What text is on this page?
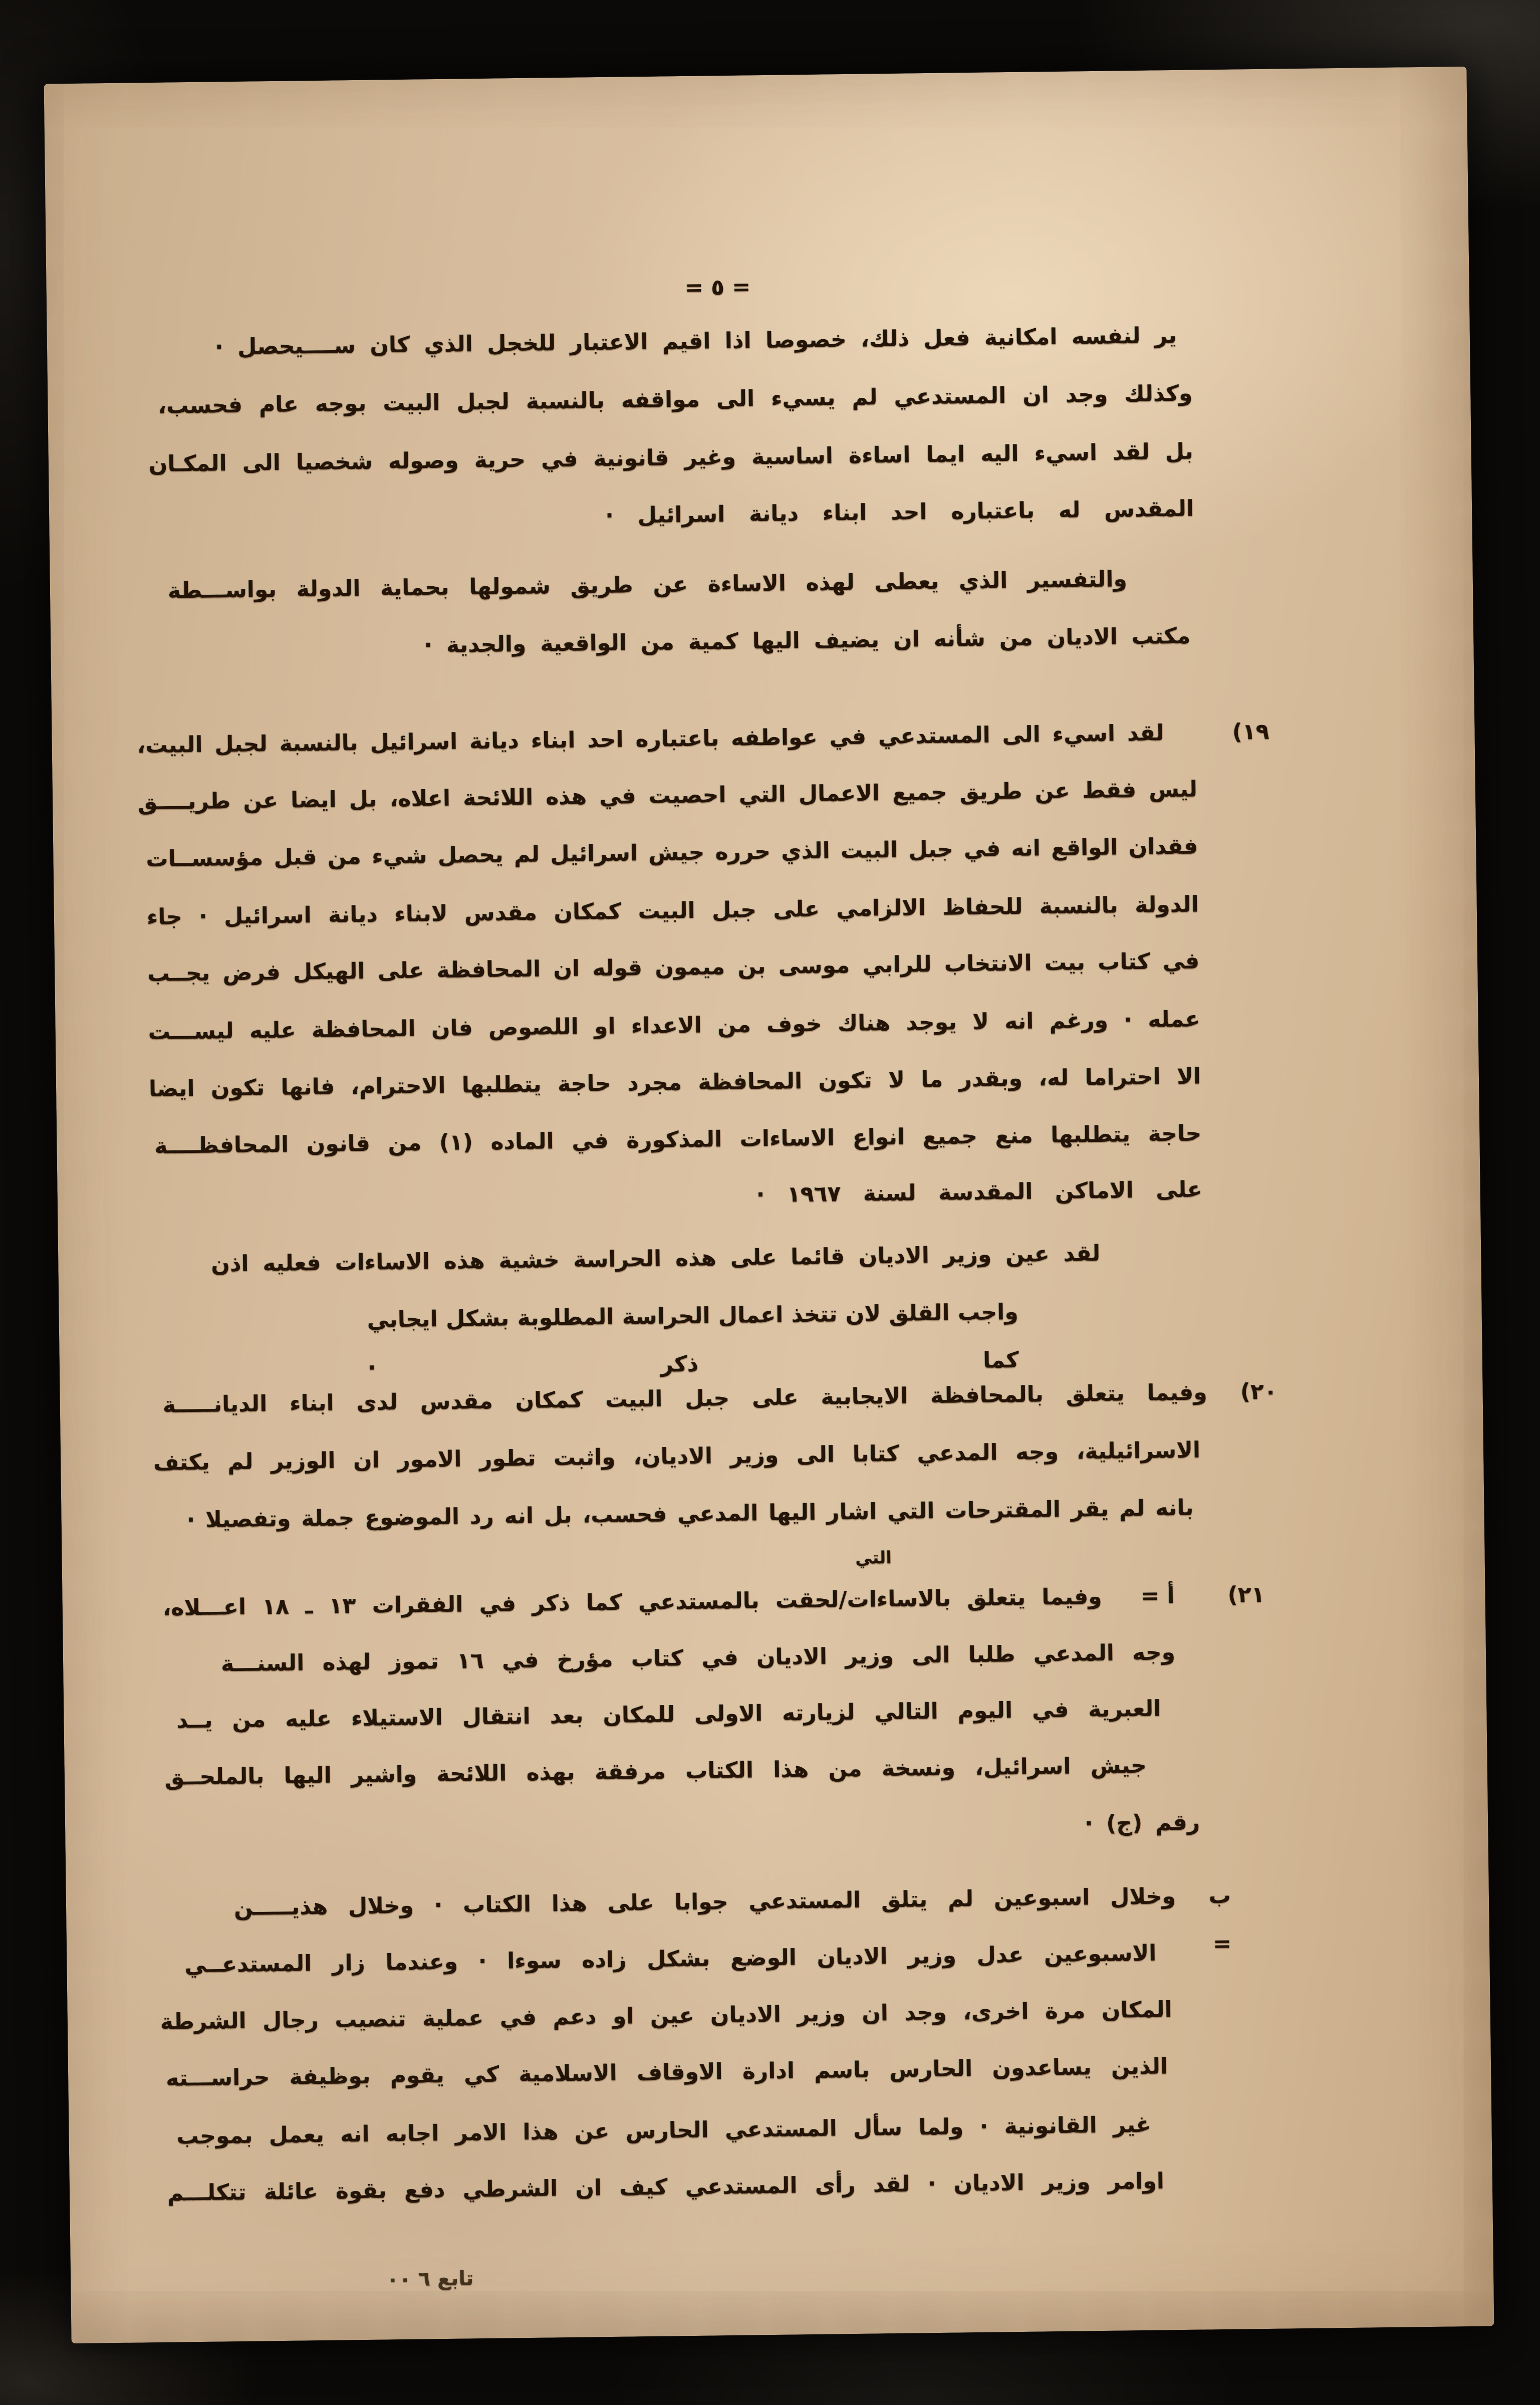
= ٥ =
ير لنفسه امكانية فعل ذلك، خصوصا اذا اقيم الاعتبار للخجل الذي كان ســــيحصل ·
وكذلك وجد ان المستدعي لم يسيء الى مواقفه بالنسبة لجبل البيت بوجه عام فحسب،
بل لقد اسيء اليه ايما اساءة اساسية وغير قانونية في حرية وصوله شخصيا الى المكـان
المقدس له باعتباره احد ابناء ديانة اسرائيل ·
والتفسير الذي يعطى لهذه الاساءة عن طريق شمولها بحماية الدولة بواســـطة
مكتب الاديان من شأنه ان يضيف اليها كمية من الواقعية والجدية ·
١٩)
لقد اسيء الى المستدعي في عواطفه باعتباره احد ابناء ديانة اسرائيل بالنسبة لجبل البيت،
ليس فقط عن طريق جميع الاعمال التي احصيت في هذه اللائحة اعلاه، بل ايضا عن طريــــق
فقدان الواقع انه في جبل البيت الذي حرره جيش اسرائيل لم يحصل شيء من قبل مؤسســات
الدولة بالنسبة للحفاظ الالزامي على جبل البيت كمكان مقدس لابناء ديانة اسرائيل · جاء
في كتاب بيت الانتخاب للرابي موسى بن ميمون قوله ان المحافظة على الهيكل فرض يجــب
عمله · ورغم انه لا يوجد هناك خوف من الاعداء او اللصوص فان المحافظة عليه ليســـت
الا احتراما له، وبقدر ما لا تكون المحافظة مجرد حاجة يتطلبها الاحترام، فانها تكون ايضا
حاجة يتطلبها منع جميع انواع الاساءات المذكورة في الماده (١) من قانون المحافظــــة
على الاماكن المقدسة لسنة ١٩٦٧ ·
لقد عين وزير الاديان قائما على هذه الحراسة خشية هذه الاساءات فعليه اذن
واجب القلق لان تتخذ اعمال الحراسة المطلوبة بشكل ايجابي كما ذكر ·
٢٠)
وفيما يتعلق بالمحافظة الايجابية على جبل البيت كمكان مقدس لدى ابناء الديانـــــة
الاسرائيلية، وجه المدعي كتابا الى وزير الاديان، واثبت تطور الامور ان الوزير لم يكتف
بانه لم يقر المقترحات التي اشار اليها المدعي فحسب، بل انه رد الموضوع جملة وتفصيلا ·
التي
٢١)
أ =
وفيما يتعلق بالاساءات/لحقت بالمستدعي كما ذكر في الفقرات ١٣ ـ ١٨ اعـــلاه،
وجه المدعي طلبا الى وزير الاديان في كتاب مؤرخ في ١٦ تموز لهذه السنـــة
العبرية في اليوم التالي لزيارته الاولى للمكان بعد انتقال الاستيلاء عليه من يــد
جيش اسرائيل، ونسخة من هذا الكتاب مرفقة بهذه اللائحة واشير اليها بالملحــق
رقم (ج) ·
ب =
وخلال اسبوعين لم يتلق المستدعي جوابا على هذا الكتاب · وخلال هذيـــــن
الاسبوعين عدل وزير الاديان الوضع بشكل زاده سوءا · وعندما زار المستدعــي
المكان مرة اخرى، وجد ان وزير الاديان عين او دعم في عملية تنصيب رجال الشرطة
الذين يساعدون الحارس باسم ادارة الاوقاف الاسلامية كي يقوم بوظيفة حراســـته
غير القانونية · ولما سأل المستدعي الحارس عن هذا الامر اجابه انه يعمل بموجب
اوامر وزير الاديان · لقد رأى المستدعي كيف ان الشرطي دفع بقوة عائلة تتكلـــم
تابع ٦ ٠٠
